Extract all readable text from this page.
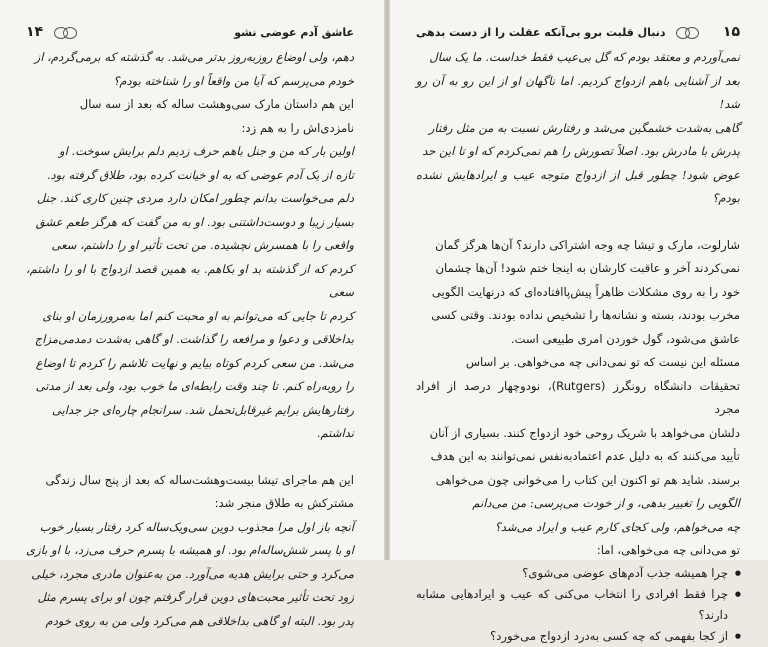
عاشق آدم عوضی نشو
۱۴

دهم، ولی اوضاع روزبه‌روز بدتر می‌شد. به گذشته که برمی‌گردم، از

خودم می‌پرسم که آیا من واقعاً او را شناخته بودم؟

این هم داستان مارک سی‌وهشت ساله که بعد از سه سال

نامزدی‌اش را به هم زد:

اولین بار که من و جنل باهم حرف زدیم دلم برایش سوخت. او

تازه از یک آدم عوضی که به او خیانت کرده بود، طلاق گرفته بود.

دلم می‌خواست بدانم چطور امکان دارد مردی چنین کاری کند. جنل

بسیار زیبا و دوست‌داشتنی بود. او به من گفت که هرگز طعم عشق

واقعی را با همسرش نچشیده. من تحت تأثیر او را داشتم، سعی

کردم که از گذشته بد او بکاهم. به همین قصد ازدواج با او را داشتم، سعی

کردم تا جایی که می‌توانم به او محبت کنم اما به‌مرورزمان او بنای

بداخلاقی و دعوا و مرافعه را گذاشت. او گاهی به‌شدت دمدمی‌مزاج

می‌شد. من سعی کردم کوتاه بیایم و نهایت تلاشم را کردم تا اوضاع

را روبه‌راه کنم. تا چند وقت رابطه‌ای ما خوب بود، ولی بعد از مدتی

رفتارهایش برایم غیرقابل‌تحمل شد. سرانجام چاره‌ای جز جدایی

نداشتم.

این هم ماجرای تیشا بیست‌وهشت‌ساله که بعد از پنج سال زندگی

مشترکش به طلاق منجر شد:

آنچه باز اول مرا مجذوب دوین سی‌ویک‌ساله کرد رفتار بسیار خوب

او با پسر شش‌ساله‌ام بود. او همیشه با پسرم حرف می‌زد، با او بازی

می‌کرد و حتی برایش هدیه می‌آورد. من به‌عنوان مادری مجرد، خیلی

زود تحت تأثیر محبت‌های دوین قرار گرفتم چون او برای پسرم مثل

پدر بود. البته او گاهی بداخلاقی هم می‌کرد ولی من به روی خودم

۱۵
دنبال قلبت برو بی‌آنکه عقلت را از دست بدهی

نمی‌آوردم و معتقد بودم که گل بی‌عیب فقط خداست. ما یک سال

بعد از آشنایی باهم ازدواج کردیم. اما ناگهان او از این رو به آن رو شد!

گاهی به‌شدت خشمگین می‌شد و رفتارش نسبت به من مثل رفتار

پدرش با مادرش بود. اصلاً تصورش را هم نمی‌کردم که او تا این حد

عوض شود! چطور قبل از ازدواج متوجه عیب و ایرادهایش نشده بودم؟

شارلوت، مارک و تیشا چه وجه اشتراکی دارند؟ آن‌ها هرگز گمان

نمی‌کردند آخر و عاقبت کارشان به اینجا ختم شود! آن‌ها چشمان

خود را به روی مشکلات ظاهراً پیش‌پاافتاده‌ای که درنهایت الگویی

مخرب بودند، بسته و نشانه‌ها را تشخیص نداده بودند. وقتی کسی

عاشق می‌شود، گول خوردن امری طبیعی است.

مسئله این نیست که تو نمی‌دانی چه می‌خواهی. بر اساس

تحقیقات دانشگاه رونگرز (Rutgers)، نودوچهار درصد از افراد مجرد

دلشان می‌خواهد با شریک روحی خود ازدواج کنند. بسیاری از آنان

تأیید می‌کنند که به دلیل عدم اعتمادبه‌نفس نمی‌توانند به این هدف

برسند. شاید هم تو اکنون این کتاب را می‌خوانی چون می‌خواهی

الگویی را تغییر بدهی، و از خودت می‌پرسی: من می‌دانم

چه می‌خواهم، ولی کجای کارم عیب و ایراد می‌شد؟

تو می‌دانی چه می‌خواهی، اما:

● چرا همیشه جذب آدم‌های عوضی می‌شوی؟
● چرا فقط افرادی را انتخاب می‌کنی که عیب و ایرادهایی مشابه دارند؟
● از کجا بفهمی که چه کسی به‌درد ازدواج می‌خورد؟
